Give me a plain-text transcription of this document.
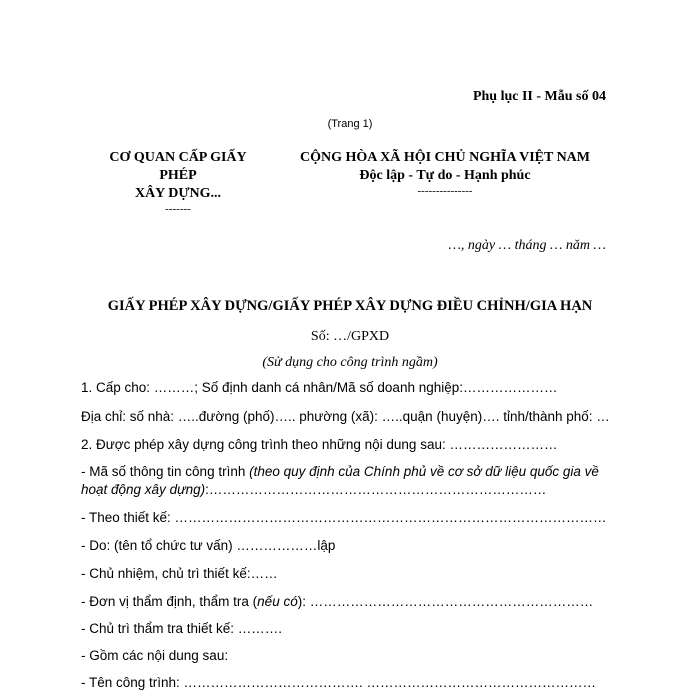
Phụ lục II - Mẫu số 04
(Trang 1)
CƠ QUAN CẤP GIẤY PHÉP
XÂY DỰNG...
-------
CỘNG HÒA XÃ HỘI CHỦ NGHĨA VIỆT NAM
Độc lập - Tự do - Hạnh phúc
---------------
…, ngày … tháng … năm …
GIẤY PHÉP XÂY DỰNG/GIẤY PHÉP XÂY DỰNG ĐIỀU CHỈNH/GIA HẠN
Số: …/GPXD
(Sử dụng cho công trình ngầm)
1. Cấp cho: ………; Số định danh cá nhân/Mã số doanh nghiệp:…………………
Địa chỉ: số nhà: …..đường (phố)….. phường (xã): …..quận (huyện)…. tỉnh/thành phố: …
2. Được phép xây dựng công trình theo những nội dung sau: ……………………
- Mã số thông tin công trình (theo quy định của Chính phủ về cơ sở dữ liệu quốc gia về hoạt động xây dựng):…………………………………………………………………
- Theo thiết kế: ……………………………………………………………………………………
- Do: (tên tổ chức tư vấn) ………………lập
- Chủ nhiệm, chủ trì thiết kế:……
- Đơn vị thẩm định, thẩm tra (nếu có): ………………………………………………………
- Chủ trì thẩm tra thiết kế: ……….
- Gồm các nội dung sau:
- Tên công trình: …………………………………. ……………………………………………
